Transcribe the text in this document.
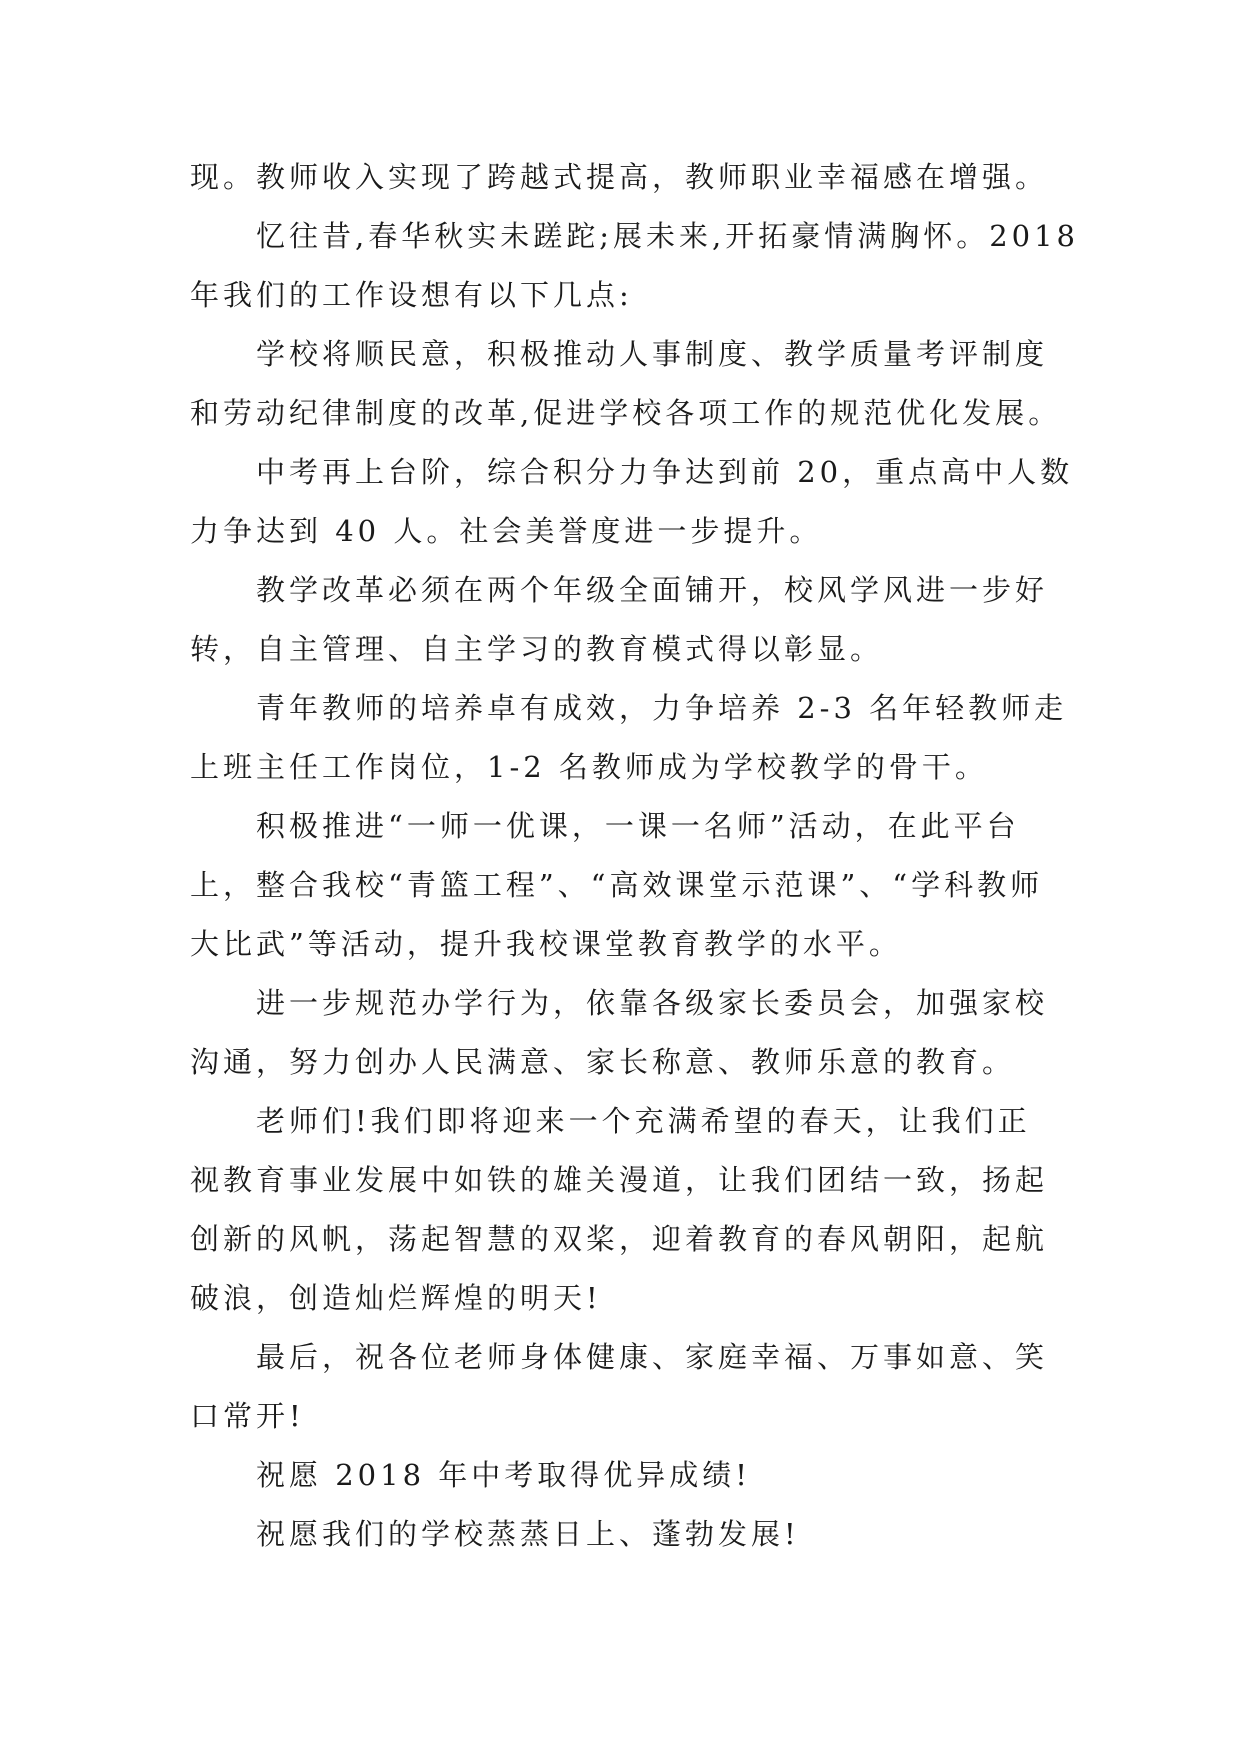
现。教师收入实现了跨越式提高，教师职业幸福感在增强。
忆往昔,春华秋实未蹉跎;展未来,开拓豪情满胸怀。2018
年我们的工作设想有以下几点:
学校将顺民意，积极推动人事制度、教学质量考评制度
和劳动纪律制度的改革,促进学校各项工作的规范优化发展。
中考再上台阶，综合积分力争达到前 20，重点高中人数
力争达到 40 人。社会美誉度进一步提升。
教学改革必须在两个年级全面铺开，校风学风进一步好
转，自主管理、自主学习的教育模式得以彰显。
青年教师的培养卓有成效，力争培养 2-3 名年轻教师走
上班主任工作岗位，1-2 名教师成为学校教学的骨干。
积极推进“一师一优课，一课一名师”活动，在此平台
上，整合我校“青篮工程”、“高效课堂示范课”、“学科教师
大比武”等活动，提升我校课堂教育教学的水平。
进一步规范办学行为，依靠各级家长委员会，加强家校
沟通，努力创办人民满意、家长称意、教师乐意的教育。
老师们!我们即将迎来一个充满希望的春天，让我们正
视教育事业发展中如铁的雄关漫道，让我们团结一致，扬起
创新的风帆，荡起智慧的双桨，迎着教育的春风朝阳，起航
破浪，创造灿烂辉煌的明天!
最后，祝各位老师身体健康、家庭幸福、万事如意、笑
口常开!
祝愿 2018 年中考取得优异成绩!
祝愿我们的学校蒸蒸日上、蓬勃发展!
